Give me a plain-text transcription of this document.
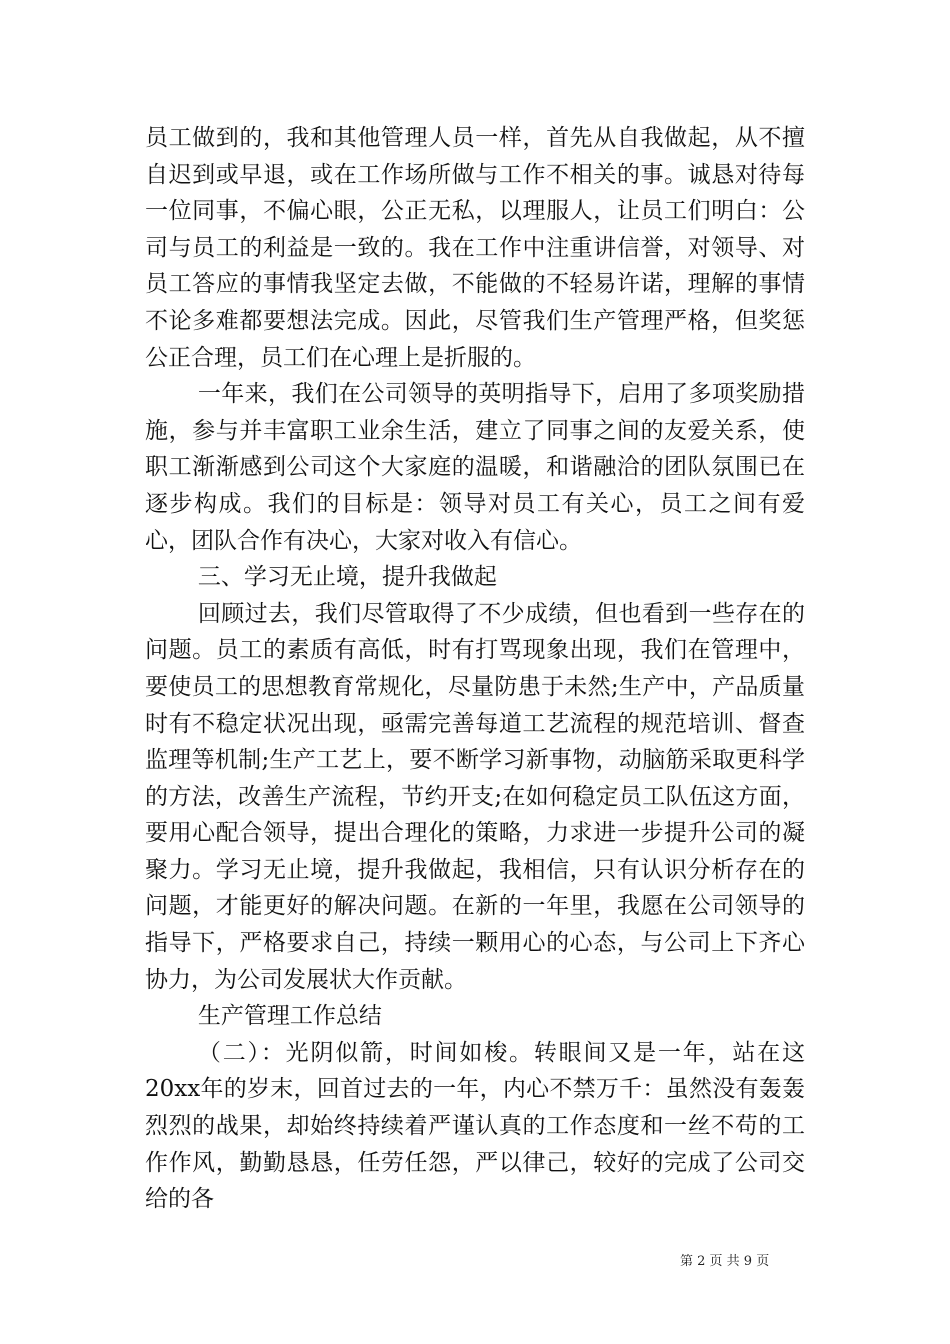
员工做到的，我和其他管理人员一样，首先从自我做起，从不擅自迟到或早退，或在工作场所做与工作不相关的事。诚恳对待每一位同事，不偏心眼，公正无私，以理服人，让员工们明白：公司与员工的利益是一致的。我在工作中注重讲信誉，对领导、对员工答应的事情我坚定去做，不能做的不轻易许诺，理解的事情不论多难都要想法完成。因此，尽管我们生产管理严格，但奖惩公正合理，员工们在心理上是折服的。

一年来，我们在公司领导的英明指导下，启用了多项奖励措施，参与并丰富职工业余生活，建立了同事之间的友爱关系，使职工渐渐感到公司这个大家庭的温暖，和谐融洽的团队氛围已在逐步构成。我们的目标是：领导对员工有关心，员工之间有爱心，团队合作有决心，大家对收入有信心。

三、学习无止境，提升我做起

回顾过去，我们尽管取得了不少成绩，但也看到一些存在的问题。员工的素质有高低，时有打骂现象出现，我们在管理中，要使员工的思想教育常规化，尽量防患于未然;生产中，产品质量时有不稳定状况出现，亟需完善每道工艺流程的规范培训、督查监理等机制;生产工艺上，要不断学习新事物，动脑筋采取更科学的方法，改善生产流程，节约开支;在如何稳定员工队伍这方面，要用心配合领导，提出合理化的策略，力求进一步提升公司的凝聚力。学习无止境，提升我做起，我相信，只有认识分析存在的问题，才能更好的解决问题。在新的一年里，我愿在公司领导的指导下，严格要求自己，持续一颗用心的心态，与公司上下齐心协力，为公司发展状大作贡献。

生产管理工作总结

（二）：光阴似箭，时间如梭。转眼间又是一年，站在这20xx年的岁末，回首过去的一年，内心不禁万千：虽然没有轰轰烈烈的战果，却始终持续着严谨认真的工作态度和一丝不苟的工作作风，勤勤恳恳，任劳任怨，严以律己，较好的完成了公司交给的各

第 2 页 共 9 页
